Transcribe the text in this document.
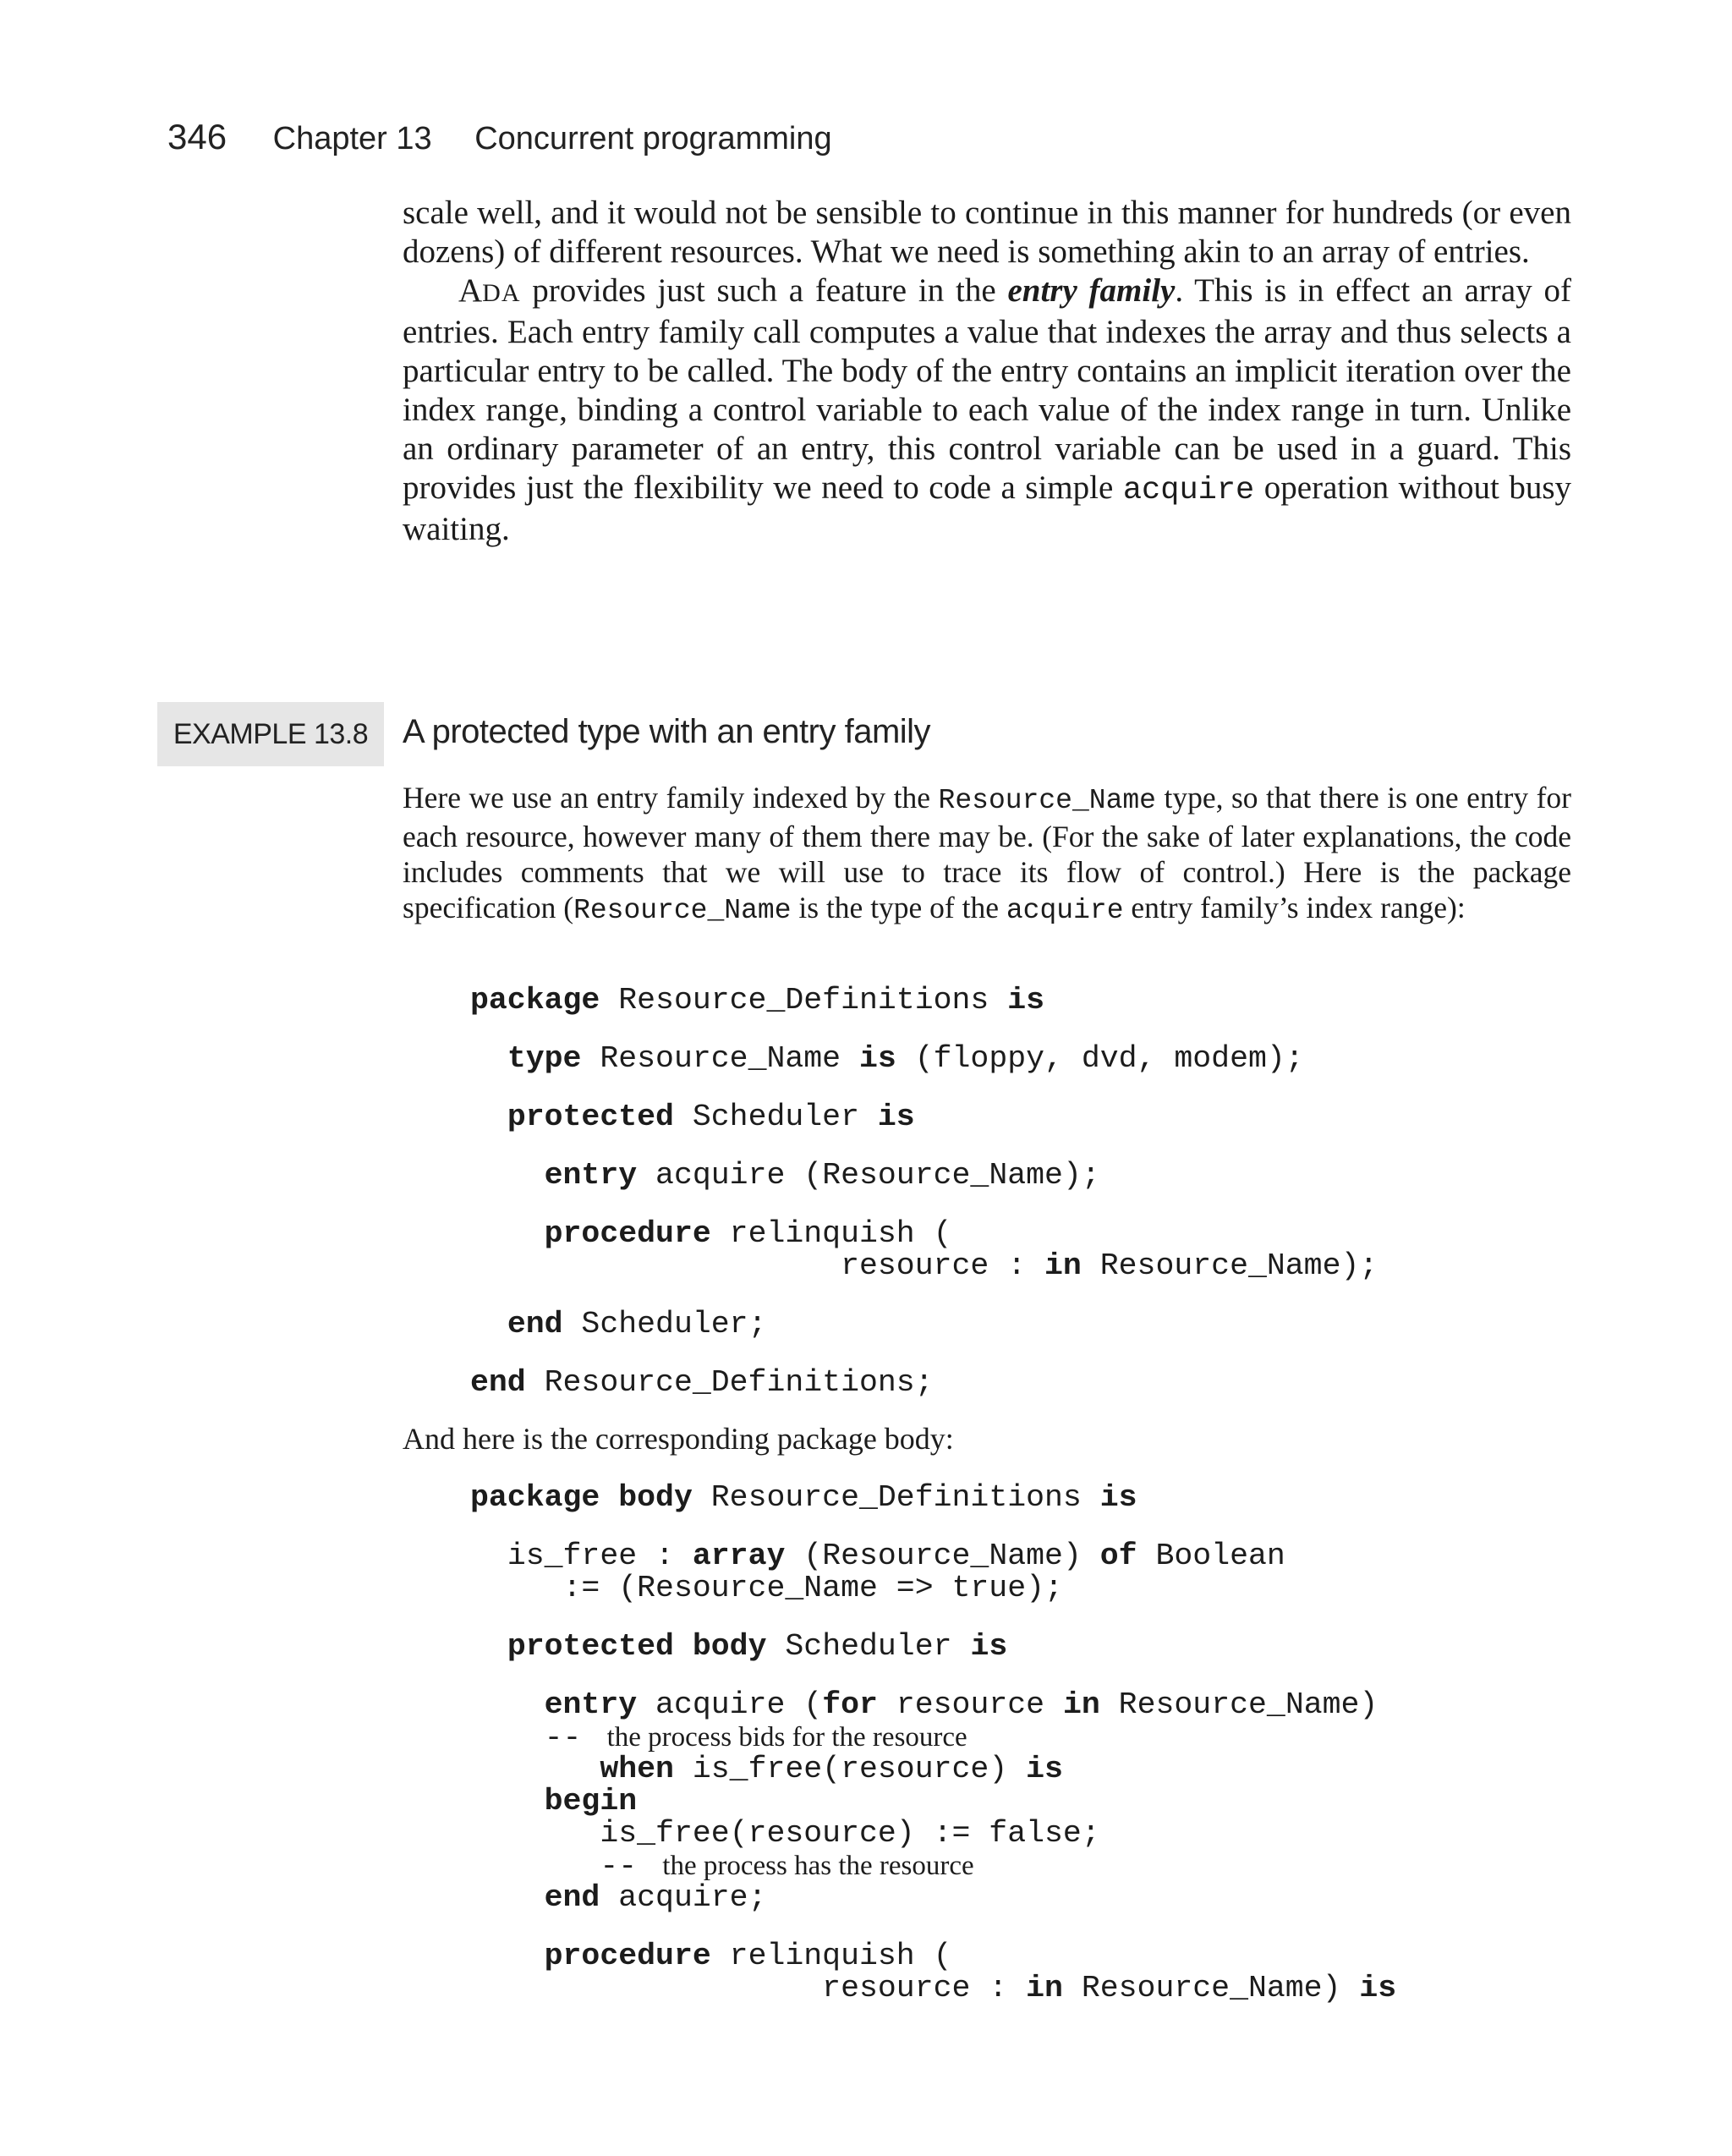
346 Chapter 13 Concurrent programming

scale well, and it would not be sensible to continue in this manner for hundreds (or even dozens) of different resources. What we need is something akin to an array of entries.

ADA provides just such a feature in the entry family. This is in effect an array of entries. Each entry family call computes a value that indexes the array and thus selects a particular entry to be called. The body of the entry contains an implicit iteration over the index range, binding a control variable to each value of the index range in turn. Unlike an ordinary parameter of an entry, this control variable can be used in a guard. This provides just the flexibility we need to code a simple acquire operation without busy waiting.

EXAMPLE 13.8	A protected type with an entry family

Here we use an entry family indexed by the Resource_Name type, so that there is one entry for each resource, however many of them there may be. (For the sake of later explanations, the code includes comments that we will use to trace its flow of control.) Here is the package specification (Resource_Name is the type of the acquire entry family’s index range):

package Resource_Definitions is
type Resource_Name is (floppy, dvd, modem);
protected Scheduler is
entry acquire (Resource_Name);
procedure relinquish (
resource : in Resource_Name);
end Scheduler;
end Resource_Definitions;
And here is the corresponding package body:
package body Resource_Definitions is
is_free : array (Resource_Name) of Boolean
:= (Resource_Name => true);
protected body Scheduler is
entry acquire (for resource in Resource_Name)
--  the process bids for the resource
when is_free(resource) is
begin
is_free(resource) := false;
--  the process has the resource
end acquire;
procedure relinquish (
resource : in Resource_Name) is
